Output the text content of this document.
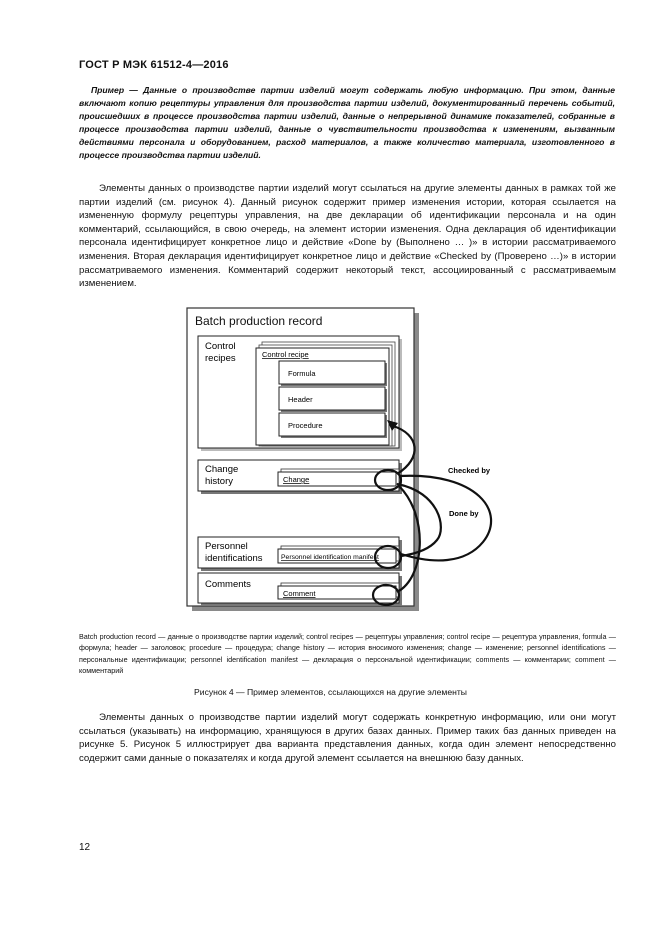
ГОСТ Р МЭК 61512-4—2016

Пример — Данные о производстве партии изделий могут содержать любую информацию. При этом, данные включают копию рецептуры управления для производства партии изделий, документированный перечень событий, происшедших в процессе производства партии изделий, данные о непрерывной динамике показателей, собранные в процессе производства партии изделий, данные о чувствительности производства к изменениям, вызванным действиями персонала и оборудованием, расход материалов, а также количество материала, изготовленного в процессе производства партии изделий.

Элементы данных о производстве партии изделий могут ссылаться на другие элементы данных в рамках той же партии изделий (см. рисунок 4). Данный рисунок содержит пример изменения истории, которая ссылается на измененную формулу рецептуры управления, на две декларации об идентификации персонала и на один комментарий, ссылающийся, в свою очередь, на элемент истории изменения. Одна декларация об идентификации персонала идентифицирует конкретное лицо и действие «Done by (Выполнено … )» в истории рассматриваемого изменения. Вторая декларация идентифицирует конкретное лицо и действие «Checked by (Проверено …)» в истории рассматриваемого изменения. Комментарий содержит некоторый текст, ассоциированный с рассматриваемым изменением.

Batch production record
Control
recipes	Control recipe
Formula
Header
Procedure
Change
history	Change
Personnel
identifications	Personnel identification manifest
Comments
Comment
Checked by
Done by

Batch production record — данные о производстве партии изделий; control recipes — рецептуры управления; control recipe — рецептура управления, formula — формула; header — заголовок; procedure — процедура; change history — история вносимого изменения; change — изменение; personnel identifications — персональные идентификации; personnel identification manifest — декларация о персональной идентификации; comments — комментарии; comment — комментарий

Рисунок 4 — Пример элементов, ссылающихся на другие элементы

Элементы данных о производстве партии изделий могут содержать конкретную информацию, или они могут ссылаться (указывать) на информацию, хранящуюся в других базах данных. Пример таких баз данных приведен на рисунке 5. Рисунок 5 иллюстрирует два варианта представления данных, когда один элемент непосредственно содержит сами данные о показателях и когда другой элемент ссылается на внешнюю базу данных.

12
